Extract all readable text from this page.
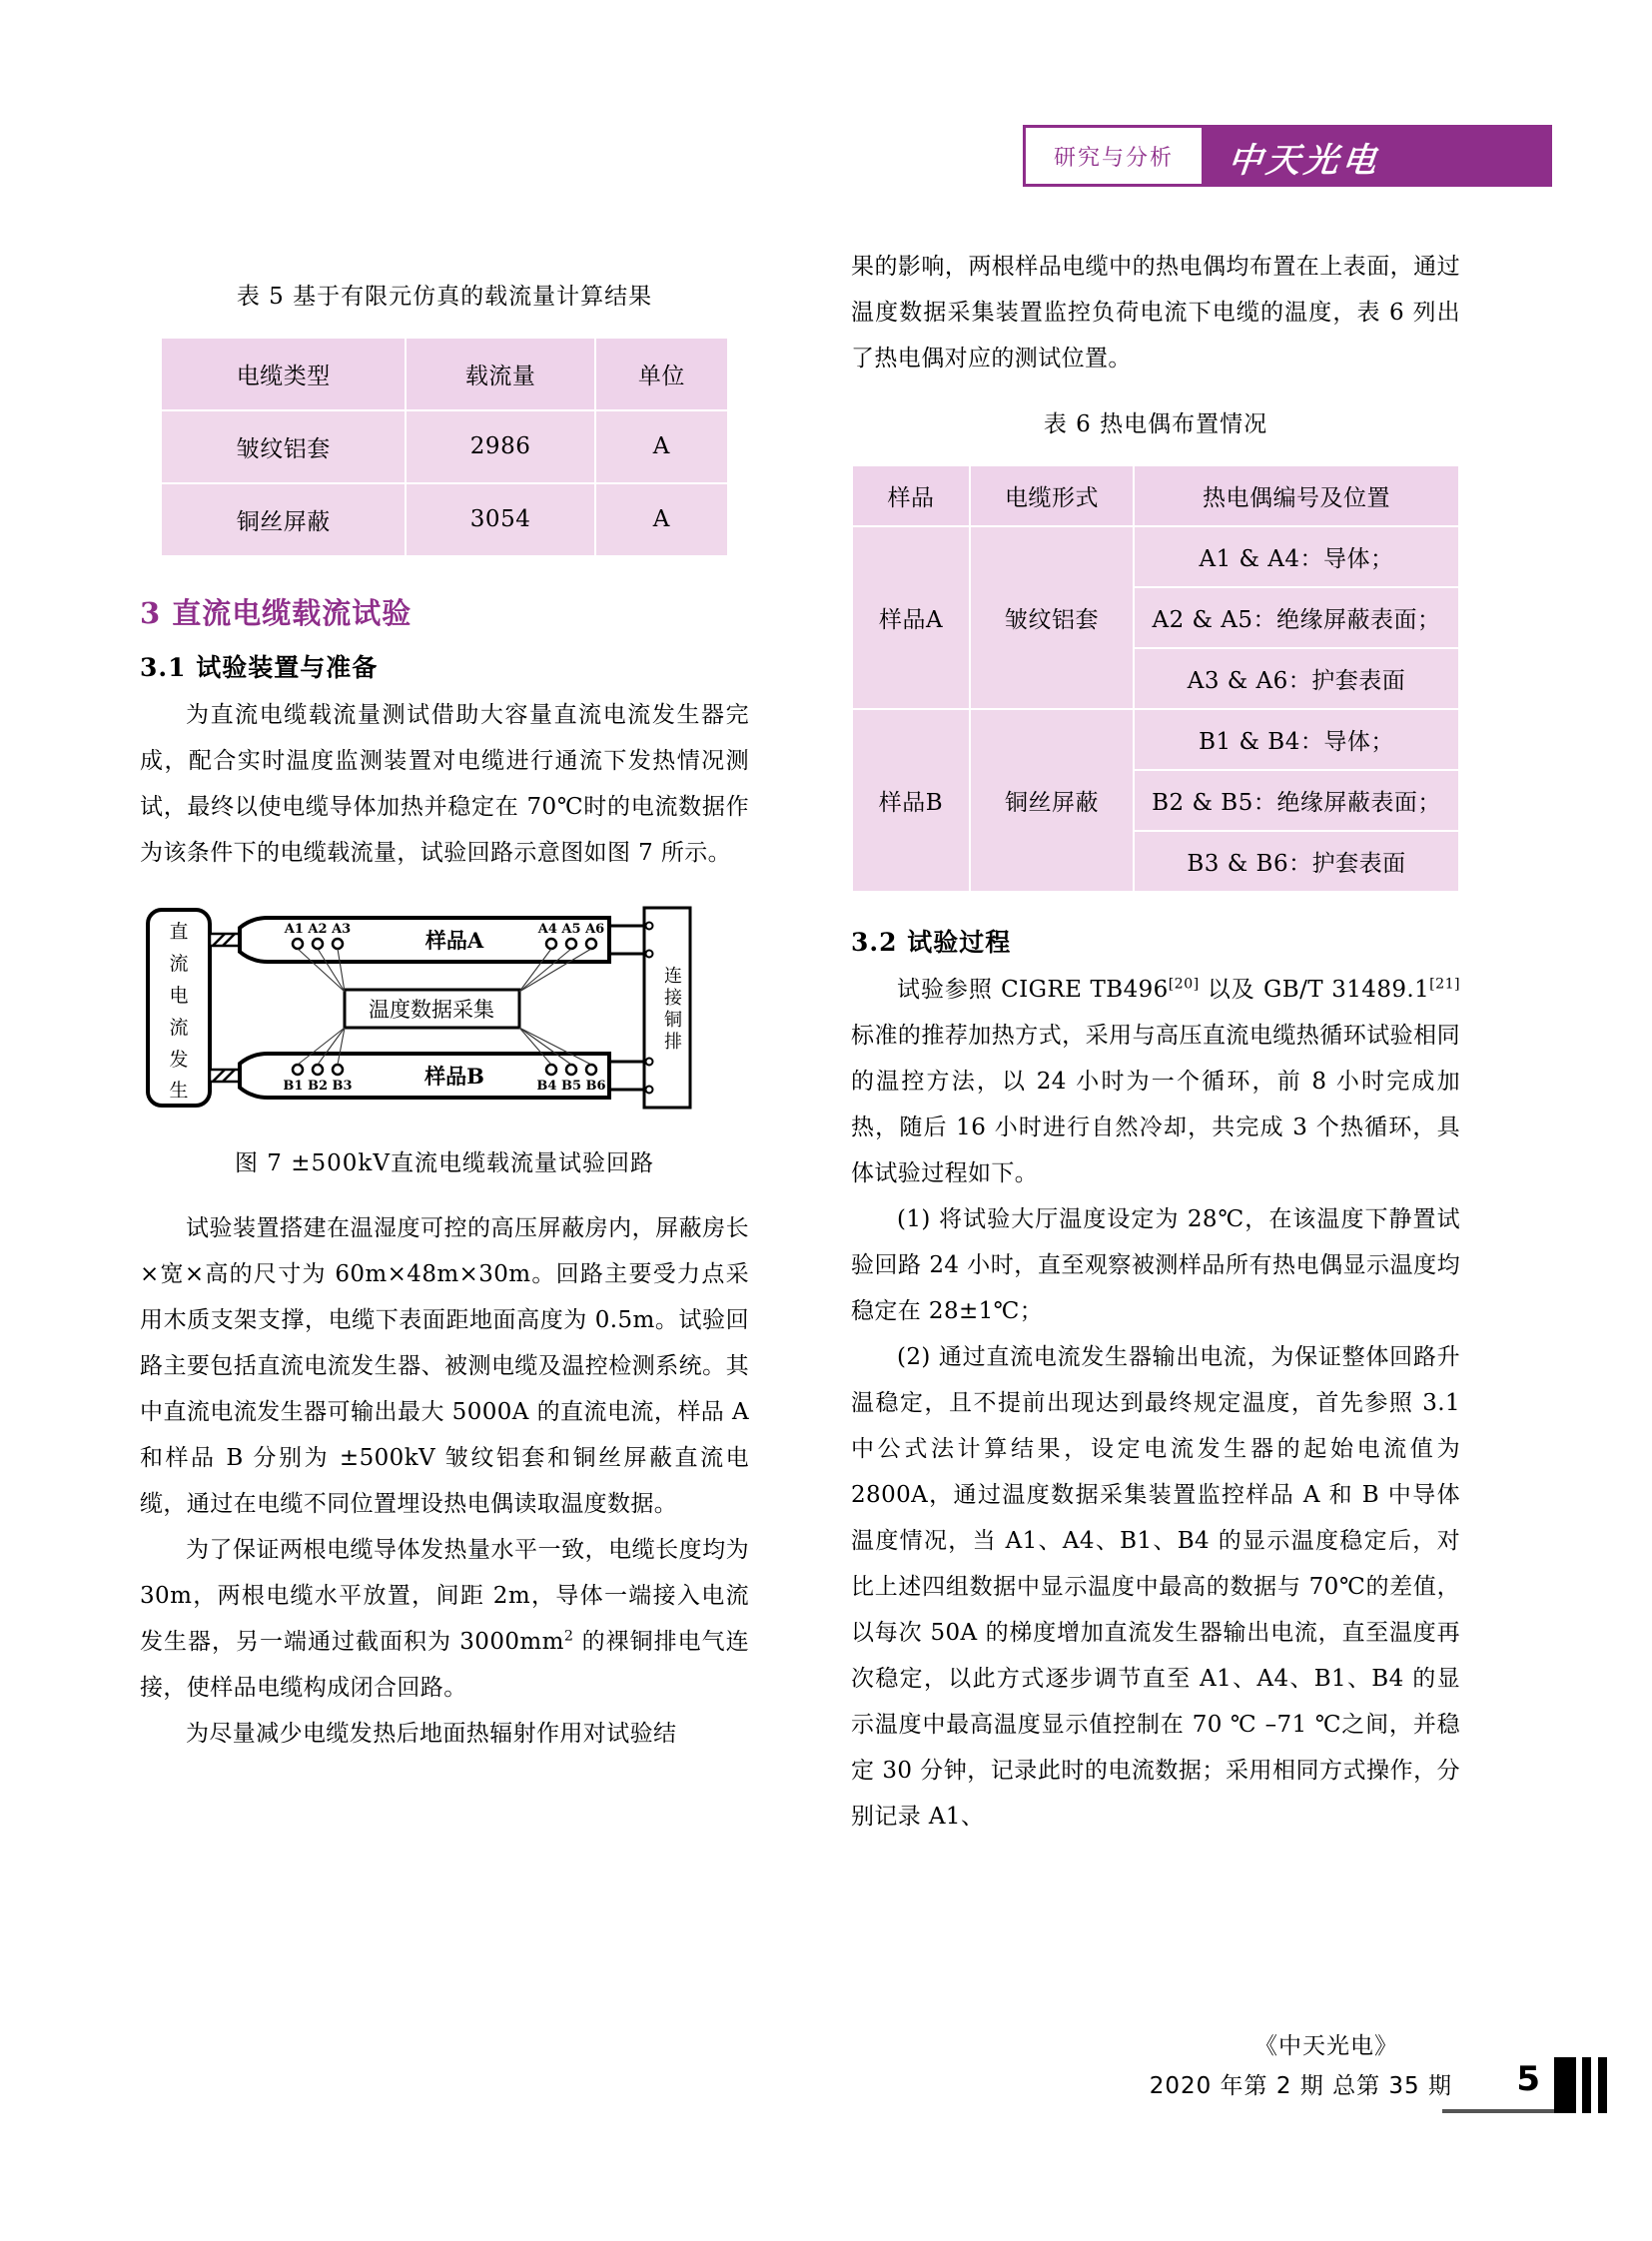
研究与分析 中天光电
表 5 基于有限元仿真的载流量计算结果
电缆类型	载流量	单位
皱纹铝套	2986	A
铜丝屏蔽	3054	A
3 直流电缆载流试验
3.1 试验装置与准备

为直流电缆载流量测试借助大容量直流电流发生器完成，配合实时温度监测装置对电缆进行通流下发热情况测试，最终以使电缆导体加热并稳定在 70℃时的电流数据作为该条件下的电缆载流量，试验回路示意图如图 7 所示。

直
流
电
流
发
生
样品A
A1 A2 A3	A4 A5 A6
样品B
B1 B2 B3	B4 B5 B6
温度数据采集
连
接
铜
排
图 7 ±500kV直流电缆载流量试验回路

试验装置搭建在温湿度可控的高压屏蔽房内，屏蔽房长×宽×高的尺寸为 60m×48m×30m。回路主要受力点采用木质支架支撑，电缆下表面距地面高度为 0.5m。试验回路主要包括直流电流发生器、被测电缆及温控检测系统。其中直流电流发生器可输出最大 5000A 的直流电流，样品 A 和样品 B 分别为 ±500kV 皱纹铝套和铜丝屏蔽直流电缆，通过在电缆不同位置埋设热电偶读取温度数据。

为了保证两根电缆导体发热量水平一致，电缆长度均为 30m，两根电缆水平放置，间距 2m，导体一端接入电流发生器，另一端通过截面积为 $3000mm^2$ 的裸铜排电气连接，使样品电缆构成闭合回路。

为尽量减少电缆发热后地面热辐射作用对试验结

果的影响，两根样品电缆中的热电偶均布置在上表面，通过温度数据采集装置监控负荷电流下电缆的温度，表 6 列出了热电偶对应的测试位置。

表 6 热电偶布置情况
样品	电缆形式	热电偶编号及位置
样品A	皱纹铝套	A1 & A4：导体；
		A2 & A5：绝缘屏蔽表面；
		A3 & A6：护套表面
样品B	铜丝屏蔽	B1 & B4：导体；
		B2 & B5：绝缘屏蔽表面；
		B3 & B6：护套表面
3.2 试验过程

试验参照 CIGRE TB496[20] 以及 GB/T 31489.1[21] 标准的推荐加热方式，采用与高压直流电缆热循环试验相同的温控方法，以 24 小时为一个循环，前 8 小时完成加热，随后 16 小时进行自然冷却，共完成 3 个热循环，具体试验过程如下。

(1) 将试验大厅温度设定为 28℃，在该温度下静置试验回路 24 小时，直至观察被测样品所有热电偶显示温度均稳定在 28±1℃；

(2) 通过直流电流发生器输出电流，为保证整体回路升温稳定，且不提前出现达到最终规定温度，首先参照 3.1 中公式法计算结果，设定电流发生器的起始电流值为 2800A，通过温度数据采集装置监控样品 A 和 B 中导体温度情况，当 A1、A4、B1、B4 的显示温度稳定后，对比上述四组数据中显示温度中最高的数据与 70℃的差值，以每次 50A 的梯度增加直流发生器输出电流，直至温度再次稳定，以此方式逐步调节直至 A1、A4、B1、B4 的显示温度中最高温度显示值控制在 70 ℃ –71 ℃之间，并稳定 30 分钟，记录此时的电流数据；采用相同方式操作，分别记录 A1、

《中天光电》
2020 年第 2 期 总第 35 期 5
